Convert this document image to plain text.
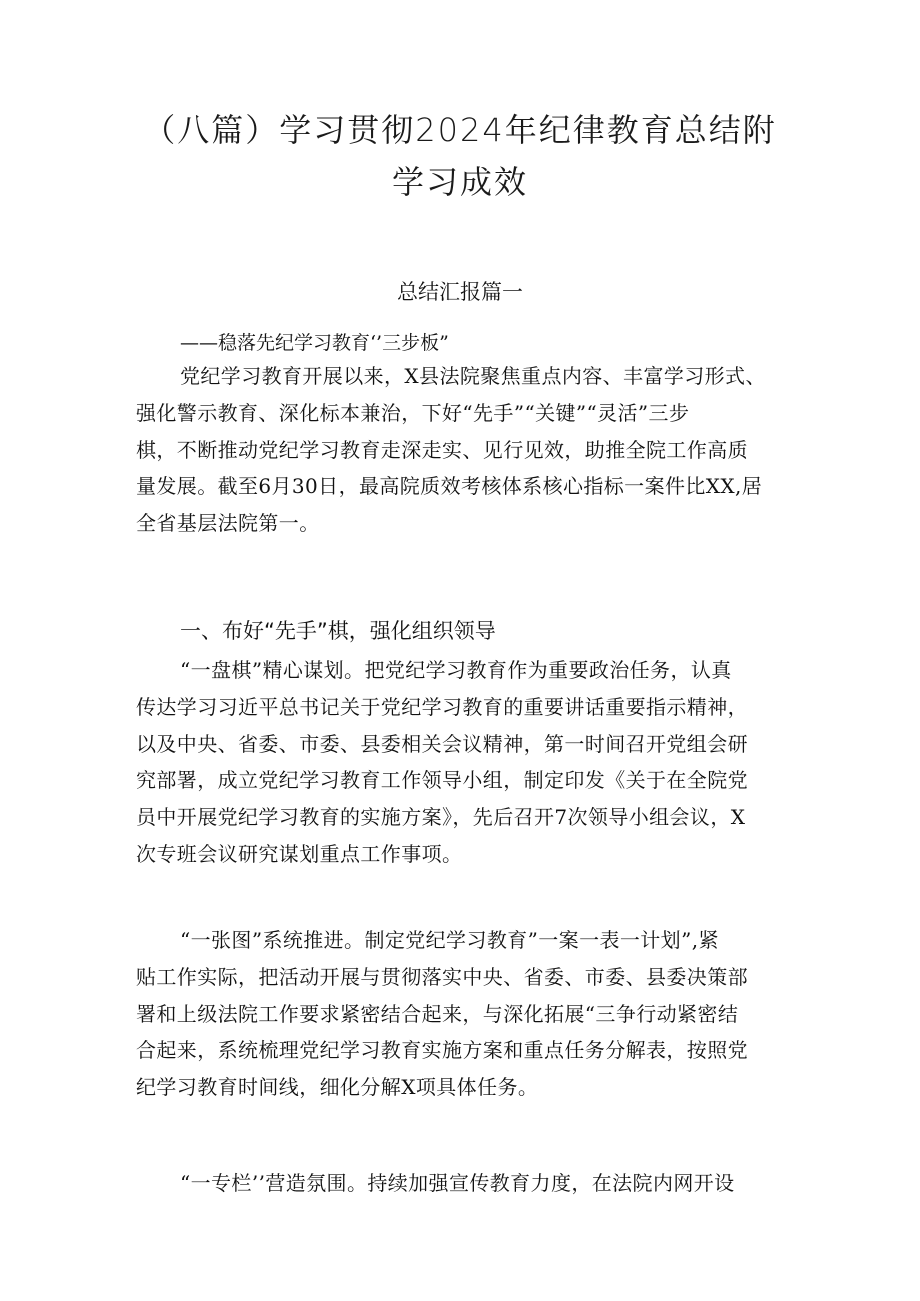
（八篇）学习贯彻2024年纪律教育总结附
学习成效
总结汇报篇一
——稳落先纪学习教育‘’三步板”
党纪学习教育开展以来，X县法院聚焦重点内容、丰富学习形式、
强化警示教育、深化标本兼治，下好“先手”“关键”“灵活”三步
棋，不断推动党纪学习教育走深走实、见行见效，助推全院工作高质
量发展。截至6月30日，最高院质效考核体系核心指标一案件比XX,居
全省基层法院第一。
一、布好“先手”棋，强化组织领导
“一盘棋”精心谋划。把党纪学习教育作为重要政治任务，认真
传达学习习近平总书记关于党纪学习教育的重要讲话重要指示精神，
以及中央、省委、市委、县委相关会议精神，第一时间召开党组会研
究部署，成立党纪学习教育工作领导小组，制定印发《关于在全院党
员中开展党纪学习教育的实施方案》，先后召开7次领导小组会议，X
次专班会议研究谋划重点工作事项。
“一张图”系统推进。制定党纪学习教育”一案一表一计划”,紧
贴工作实际，把活动开展与贯彻落实中央、省委、市委、县委决策部
署和上级法院工作要求紧密结合起来，与深化拓展“三争行动紧密结
合起来，系统梳理党纪学习教育实施方案和重点任务分解表，按照党
纪学习教育时间线，细化分解X项具体任务。
“一专栏’’营造氛围。持续加强宣传教育力度，在法院内网开设
